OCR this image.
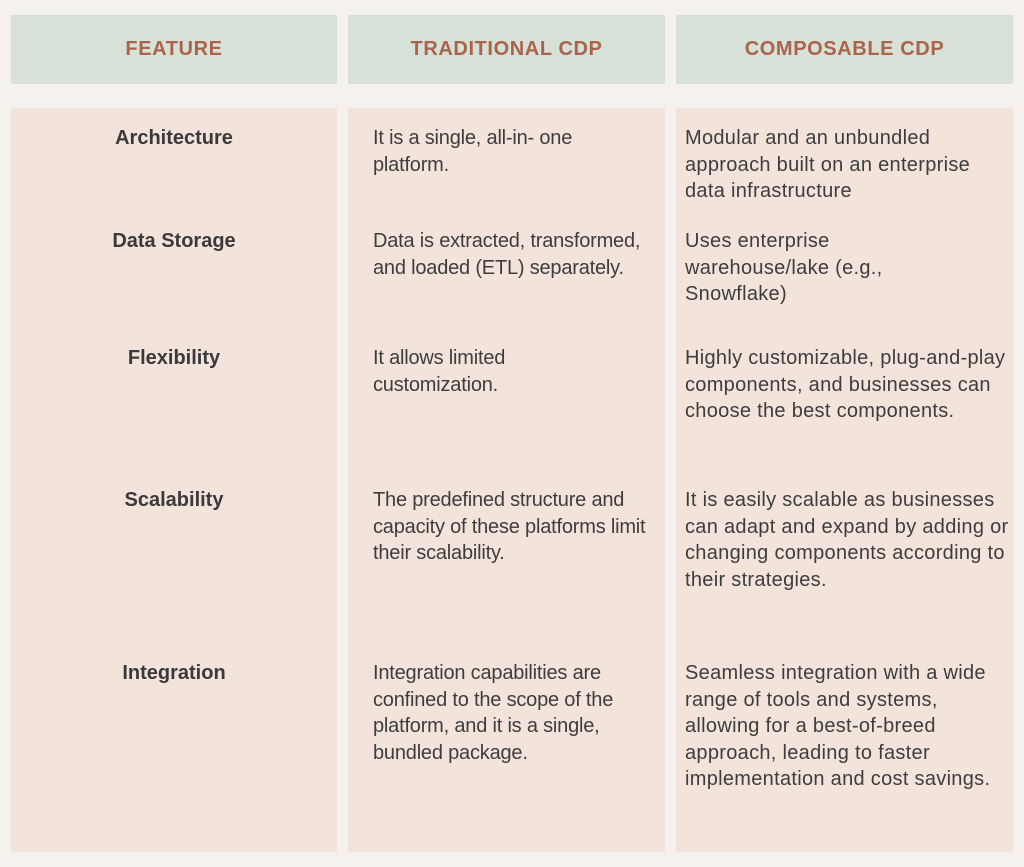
FEATURE	TRADITIONAL CDP	COMPOSABLE CDP
Architecture
Data Storage
Flexibility
Scalability
Integration
It is a single, all-in- one platform.
Data is extracted, transformed, and loaded (ETL) separately.
It allows limited customization.
The predefined structure and capacity of these platforms limit their scalability.
Integration capabilities are confined to the scope of the platform, and it is a single, bundled package.
Modular and an unbundled approach built on an enterprise data infrastructure
Uses enterprise warehouse/lake (e.g., Snowflake)
Highly customizable, plug-and-play components, and businesses can choose the best components.
It is easily scalable as businesses can adapt and expand by adding or changing components according to their strategies.
Seamless integration with a wide range of tools and systems, allowing for a best-of-breed approach, leading to faster implementation and cost savings.
